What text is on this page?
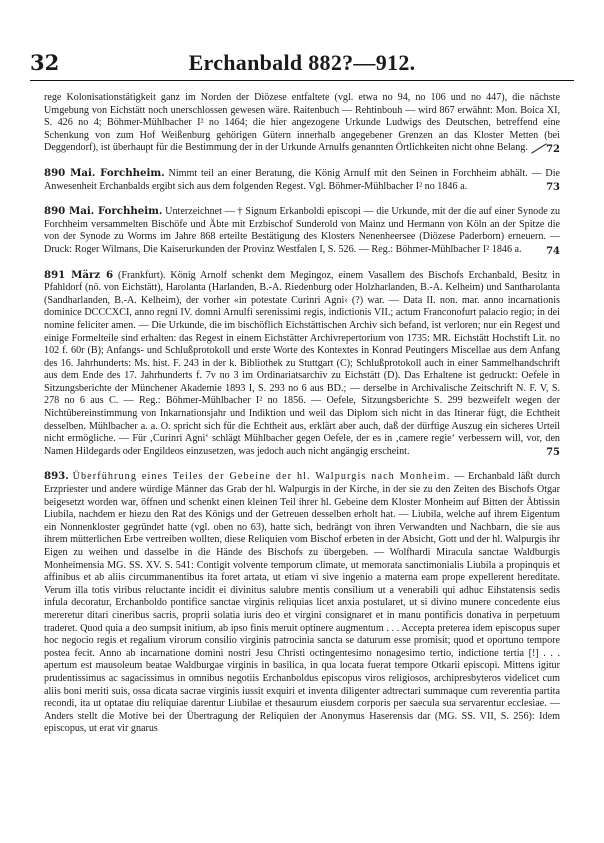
32	Erchanbald 882?—912.

rege Kolonisationstätigkeit ganz im Norden der Diözese entfaltete (vgl. etwa no 94, no 106 und no 447), die nächste Umgebung von Eichstätt noch unerschlossen gewesen wäre. Raitenbuch — Rehtinbouh — wird 867 erwähnt: Mon. Boica XI, S. 426 no 4; Böhmer-Mühlbacher I² no 1464; die hier angezogene Urkunde Ludwigs des Deutschen, betreffend eine Schenkung von zum Hof Weißenburg gehörigen Gütern innerhalb angegebener Grenzen an das Kloster Metten (bei Deggendorf), ist überhaupt für die Bestimmung der in der Urkunde Arnulfs genannten Örtlichkeiten nicht ohne Belang.	72

890 Mai. Forchheim. Nimmt teil an einer Beratung, die König Arnulf mit den Seinen in Forchheim abhält. — Die Anwesenheit Erchanbalds ergibt sich aus dem folgenden Regest. Vgl. Böhmer-Mühlbacher I² no 1846 a.	73

890 Mai. Forchheim. Unterzeichnet — † Signum Erkanboldi episcopi — die Urkunde, mit der die auf einer Synode zu Forchheim versammelten Bischöfe und Äbte mit Erzbischof Sunderold von Mainz und Hermann von Köln an der Spitze die von der Synode zu Worms im Jahre 868 erteilte Bestätigung des Klosters Nenenheersee (Diözese Paderborn) erneuern. — Druck: Roger Wilmans, Die Kaiserurkunden der Provinz Westfalen I, S. 526. — Reg.: Böhmer-Mühlbacher I² 1846 a.	74

891 März 6 (Frankfurt). König Arnolf schenkt dem Megingoz, einem Vasallem des Bischofs Erchanbald, Besitz in Pfahldorf (nö. von Eichstätt), Harolanta (Harlanden, B.-A. Riedenburg oder Holzharlanden, B.-A. Kelheim) und Santharolanta (Sandharlanden, B.-A. Kelheim), der vorher «in potestate Curinri Agni‹ (?) war. — Data II. non. mar. anno incarnationis dominice DCCCXCI, anno regni IV. domni Arnulfi serenissimi regis, indictionis VII.; actum Franconofurt palacio regio; in dei nomine feliciter amen. — Die Urkunde, die im bischöflich Eichstättischen Archiv sich befand, ist verloren; nur ein Regest und einige Formelteile sind erhalten: das Regest in einem Eichstätter Archivrepertorium von 1735: MR. Eichstätt Hochstift Lit. no 102 f. 60r (B); Anfangs- und Schlußprotokoll und erste Worte des Kontextes in Konrad Peutingers Miscellae aus dem Anfang des 16. Jahrhunderts: Ms. hist. F. 243 in der k. Bibliothek zu Stuttgart (C); Schlußprotokoll auch in einer Sammelhandschrift aus dem Ende des 17. Jahrhunderts f. 7v no 3 im Ordinariatsarchiv zu Eichstätt (D). Das Erhaltene ist gedruckt: Oefele in Sitzungsberichte der Münchener Akademie 1893 I, S. 293 no 6 aus BD.; — derselbe in Archivalische Zeitschrift N. F. V, S. 278 no 6 aus C. — Reg.: Böhmer-Mühlbacher I² no 1856. — Oefele, Sitzungsberichte S. 299 bezweifelt wegen der Nichtübereinstimmung von Inkarnationsjahr und Indiktion und weil das Diplom sich nicht in das Itinerar fügt, die Echtheit desselben. Mühlbacher a. a. O. spricht sich für die Echtheit aus, erklärt aber auch, daß der dürftige Auszug ein sicheres Urteil nicht ermögliche. — Für ‚Curinri Agni‘ schlägt Mühlbacher gegen Oefele, der es in ‚camere regie‘ verbessern will, vor, den Namen Hildegards oder Engildeos einzusetzen, was jedoch auch nicht angängig erscheint.	75

893. Überführung eines Teiles der Gebeine der hl. Walpurgis nach Monheim. — Erchanbald läßt durch Erzpriester und andere würdige Männer das Grab der hl. Walpurgis in der Kirche, in der sie zu den Zeiten des Bischofs Otgar beigesetzt worden war, öffnen und schenkt einen kleinen Teil ihrer hl. Gebeine dem Kloster Monheim auf Bitten der Äbtissin Liubila, nachdem er hiezu den Rat des Königs und der Getreuen desselben erholt hat. — Liubila, welche auf ihrem Eigentum ein Nonnenkloster gegründet hatte (vgl. oben no 63), hatte sich, bedrängt von ihren Verwandten und Nachbarn, die sie aus ihrem mütterlichen Erbe vertreiben wollten, diese Reliquien vom Bischof erbeten in der Absicht, Gott und der hl. Walpurgis ihr Eigen zu weihen und dasselbe in die Hände des Bischofs zu übergeben. — Wolfhardi Miracula sanctae Waldburgis Monheimensia MG. SS. XV. S. 541: Contigit volvente temporum climate, ut memorata sanctimonialis Liubila a propinquis et affinibus et ab aliis circummanentibus ita foret artata, ut etiam vi sive ingenio a materna eam prope expellerent hereditate. Verum illa totis viribus reluctante incidit ei divinitus salubre mentis consilium ut a venerabili qui adhuc Eihstatensis sedis infula decoratur, Erchanboldo pontifice sanctae virginis reliquias licet anxia postularet, ut si divino munere concedente eius mereretur ditari cineribus sacris, proprii solatia iuris deo et virgini consignaret et in manu pontificis donativa in perpetuum traderet. Quod quia a deo sumpsit initium, ab ipso finis meruit optinere augmentum . . . Accepta preterea idem episcopus super hoc negocio regis et regalium virorum consilio virginis patrocinia sancta se daturum esse promisit; quod et oportuno tempore postea fecit. Anno ab incarnatione domini nostri Jesu Christi octingentesimo nonagesimo tertio, indictione tertia [!] . . . apertum est mausoleum beatae Waldburgae virginis in basilica, in qua locata fuerat tempore Otkarii episcopi. Mittens igitur prudentissimus ac sagacissimus in omnibus negotiis Erchanboldus episcopus viros religiosos, archipresbyteros videlicet cum aliis boni meriti suis, ossa dicata sacrae virginis iussit exquiri et inventa diligenter adtrectari summaque cum reverentia partita recondi, ita ut optatae diu reliquiae darentur Liubilae et thesaurum eiusdem corporis per saecula sua servarentur ecclesiae. — Anders stellt die Motive bei der Übertragung der Reliquien der Anonymus Haserensis dar (MG. SS. VII, S. 256): Idem episcopus, ut erat vir gnarus
